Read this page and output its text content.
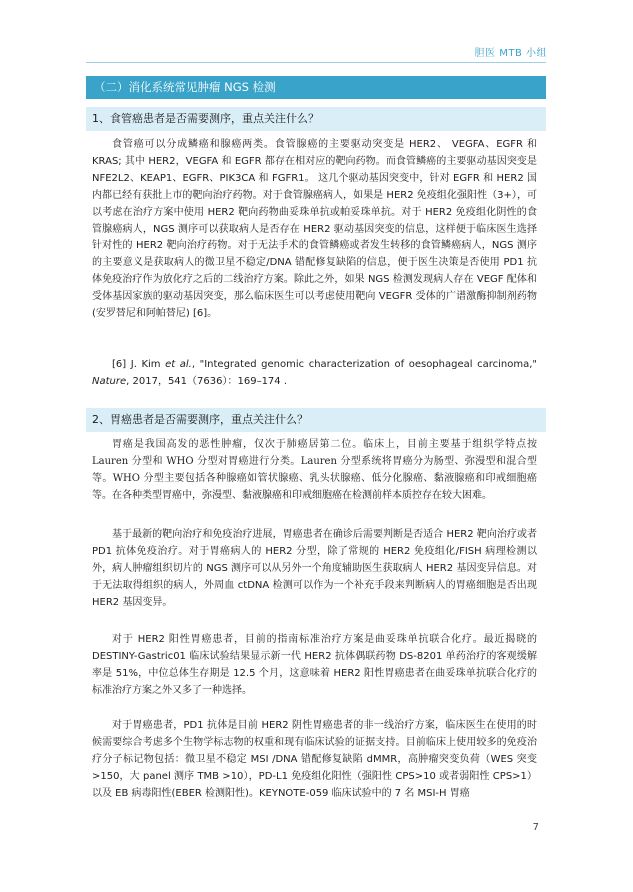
胆医 MTB 小组
（二）消化系统常见肿瘤 NGS 检测
1、食管癌患者是否需要测序，重点关注什么？
食管癌可以分成鳞癌和腺癌两类。食管腺癌的主要驱动突变是 HER2、 VEGFA、EGFR 和 KRAS; 其中 HER2，VEGFA 和 EGFR 都存在相对应的靶向药物。而食管鳞癌的主要驱动基因突变是 NFE2L2、KEAP1、EGFR、PIK3CA 和 FGFR1。 这几个驱动基因突变中，针对 EGFR 和 HER2 国内都已经有获批上市的靶向治疗药物。对于食管腺癌病人，如果是 HER2 免疫组化强阳性（3+），可以考虑在治疗方案中使用 HER2 靶向药物曲妥珠单抗或帕妥珠单抗。对于 HER2 免疫组化阴性的食管腺癌病人，NGS 测序可以获取病人是否存在 HER2 驱动基因突变的信息，这样便于临床医生选择针对性的 HER2 靶向治疗药物。对于无法手术的食管鳞癌或者发生转移的食管鳞癌病人，NGS 测序的主要意义是获取病人的微卫星不稳定/DNA 错配修复缺陷的信息，便于医生决策是否使用 PD1 抗体免疫治疗作为放化疗之后的二线治疗方案。除此之外，如果 NGS 检测发现病人存在 VEGF 配体和受体基因家族的驱动基因突变，那么临床医生可以考虑使用靶向 VEGFR 受体的广谱激酶抑制剂药物(安罗替尼和阿帕替尼) [6]。
[6] J. Kim et al., "Integrated genomic characterization of oesophageal carcinoma," Nature, 2017，541（7636）：169–174 .
2、胃癌患者是否需要测序，重点关注什么？
胃癌是我国高发的恶性肿瘤，仅次于肺癌居第二位。临床上，目前主要基于组织学特点按 Lauren 分型和 WHO 分型对胃癌进行分类。Lauren 分型系统将胃癌分为肠型、弥漫型和混合型等。WHO 分型主要包括各种腺癌如管状腺癌、乳头状腺癌、低分化腺癌、黏液腺癌和印戒细胞癌等。在各种类型胃癌中，弥漫型、黏液腺癌和印戒细胞癌在检测前样本质控存在较大困难。
基于最新的靶向治疗和免疫治疗进展，胃癌患者在确诊后需要判断是否适合 HER2 靶向治疗或者 PD1 抗体免疫治疗。对于胃癌病人的 HER2 分型，除了常规的 HER2 免疫组化/FISH 病理检测以外，病人肿瘤组织切片的 NGS 测序可以从另外一个角度辅助医生获取病人 HER2 基因变异信息。对于无法取得组织的病人，外周血 ctDNA 检测可以作为一个补充手段来判断病人的胃癌细胞是否出现 HER2 基因变异。
对于 HER2 阳性胃癌患者，目前的指南标准治疗方案是曲妥珠单抗联合化疗。最近揭晓的 DESTINY-Gastric01 临床试验结果显示新一代 HER2 抗体偶联药物 DS-8201 单药治疗的客观缓解率是 51%，中位总体生存期是 12.5 个月，这意味着 HER2 阳性胃癌患者在曲妥珠单抗联合化疗的标准治疗方案之外又多了一种选择。
对于胃癌患者，PD1 抗体是目前 HER2 阴性胃癌患者的非一线治疗方案，临床医生在使用的时候需要综合考虑多个生物学标志物的权重和现有临床试验的证据支持。目前临床上使用较多的免疫治疗分子标记物包括：微卫星不稳定 MSI /DNA 错配修复缺陷 dMMR，高肿瘤突变负荷（WES 突变>150，大 panel 测序 TMB >10），PD-L1 免疫组化阳性（强阳性 CPS>10 或者弱阳性 CPS>1）以及 EB 病毒阳性(EBER 检测阳性)。KEYNOTE-059 临床试验中的 7 名 MSI-H 胃癌
7
